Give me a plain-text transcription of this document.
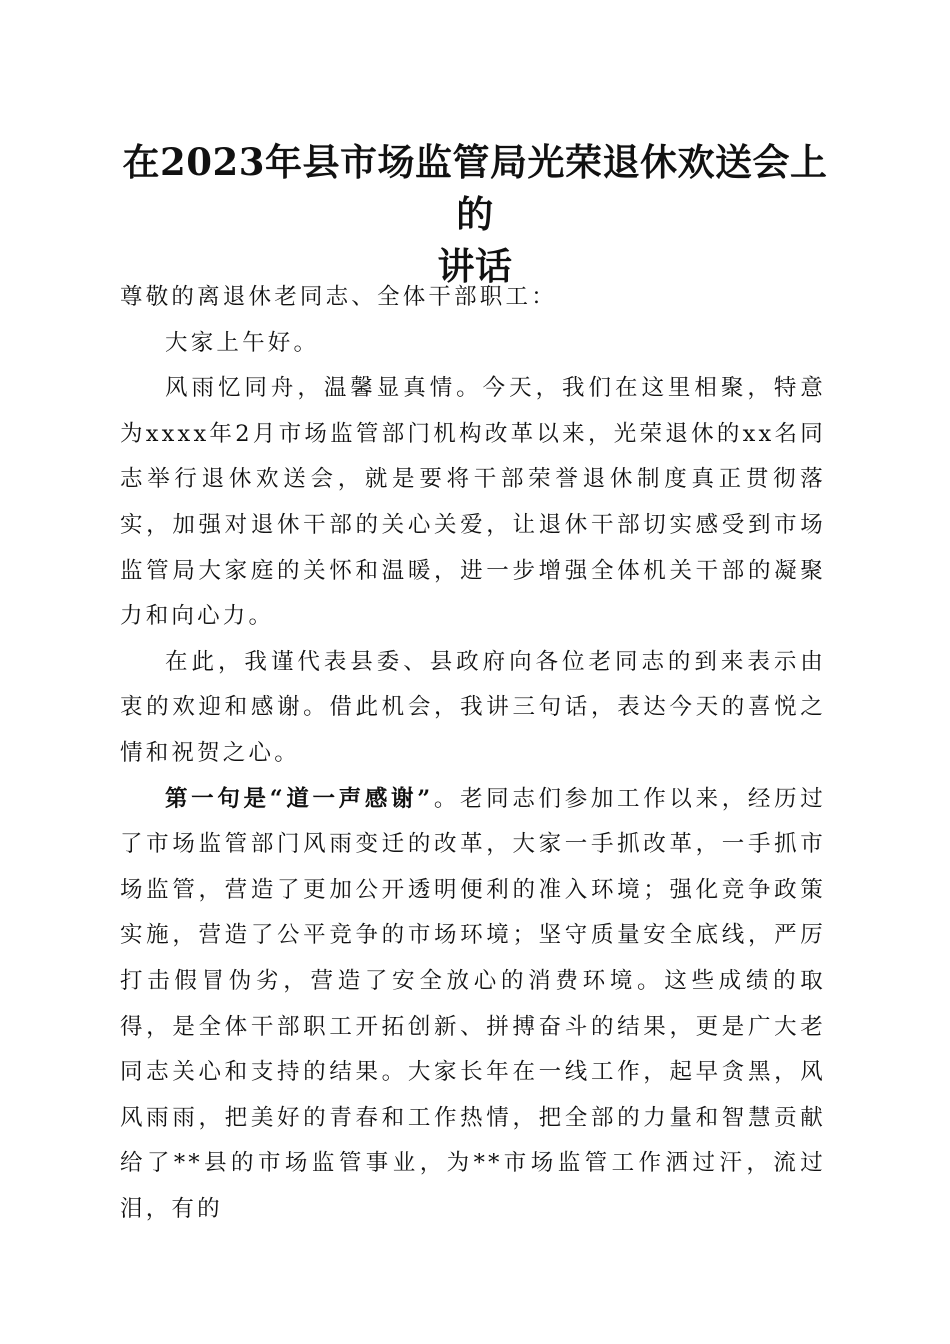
在2023年县市场监管局光荣退休欢送会上的
讲话

尊敬的离退休老同志、全体干部职工：

大家上午好。

风雨忆同舟，温馨显真情。今天，我们在这里相聚，特意为xxxx年2月市场监管部门机构改革以来，光荣退休的xx名同志举行退休欢送会，就是要将干部荣誉退休制度真正贯彻落实，加强对退休干部的关心关爱，让退休干部切实感受到市场监管局大家庭的关怀和温暖，进一步增强全体机关干部的凝聚力和向心力。

在此，我谨代表县委、县政府向各位老同志的到来表示由衷的欢迎和感谢。借此机会，我讲三句话，表达今天的喜悦之情和祝贺之心。

第一句是“道一声感谢”。老同志们参加工作以来，经历过了市场监管部门风雨变迁的改革，大家一手抓改革，一手抓市场监管，营造了更加公开透明便利的准入环境；强化竞争政策实施，营造了公平竞争的市场环境；坚守质量安全底线，严厉打击假冒伪劣，营造了安全放心的消费环境。这些成绩的取得，是全体干部职工开拓创新、拼搏奋斗的结果，更是广大老同志关心和支持的结果。大家长年在一线工作，起早贪黑，风风雨雨，把美好的青春和工作热情，把全部的力量和智慧贡献给了**县的市场监管事业，为**市场监管工作洒过汗，流过泪，有的
